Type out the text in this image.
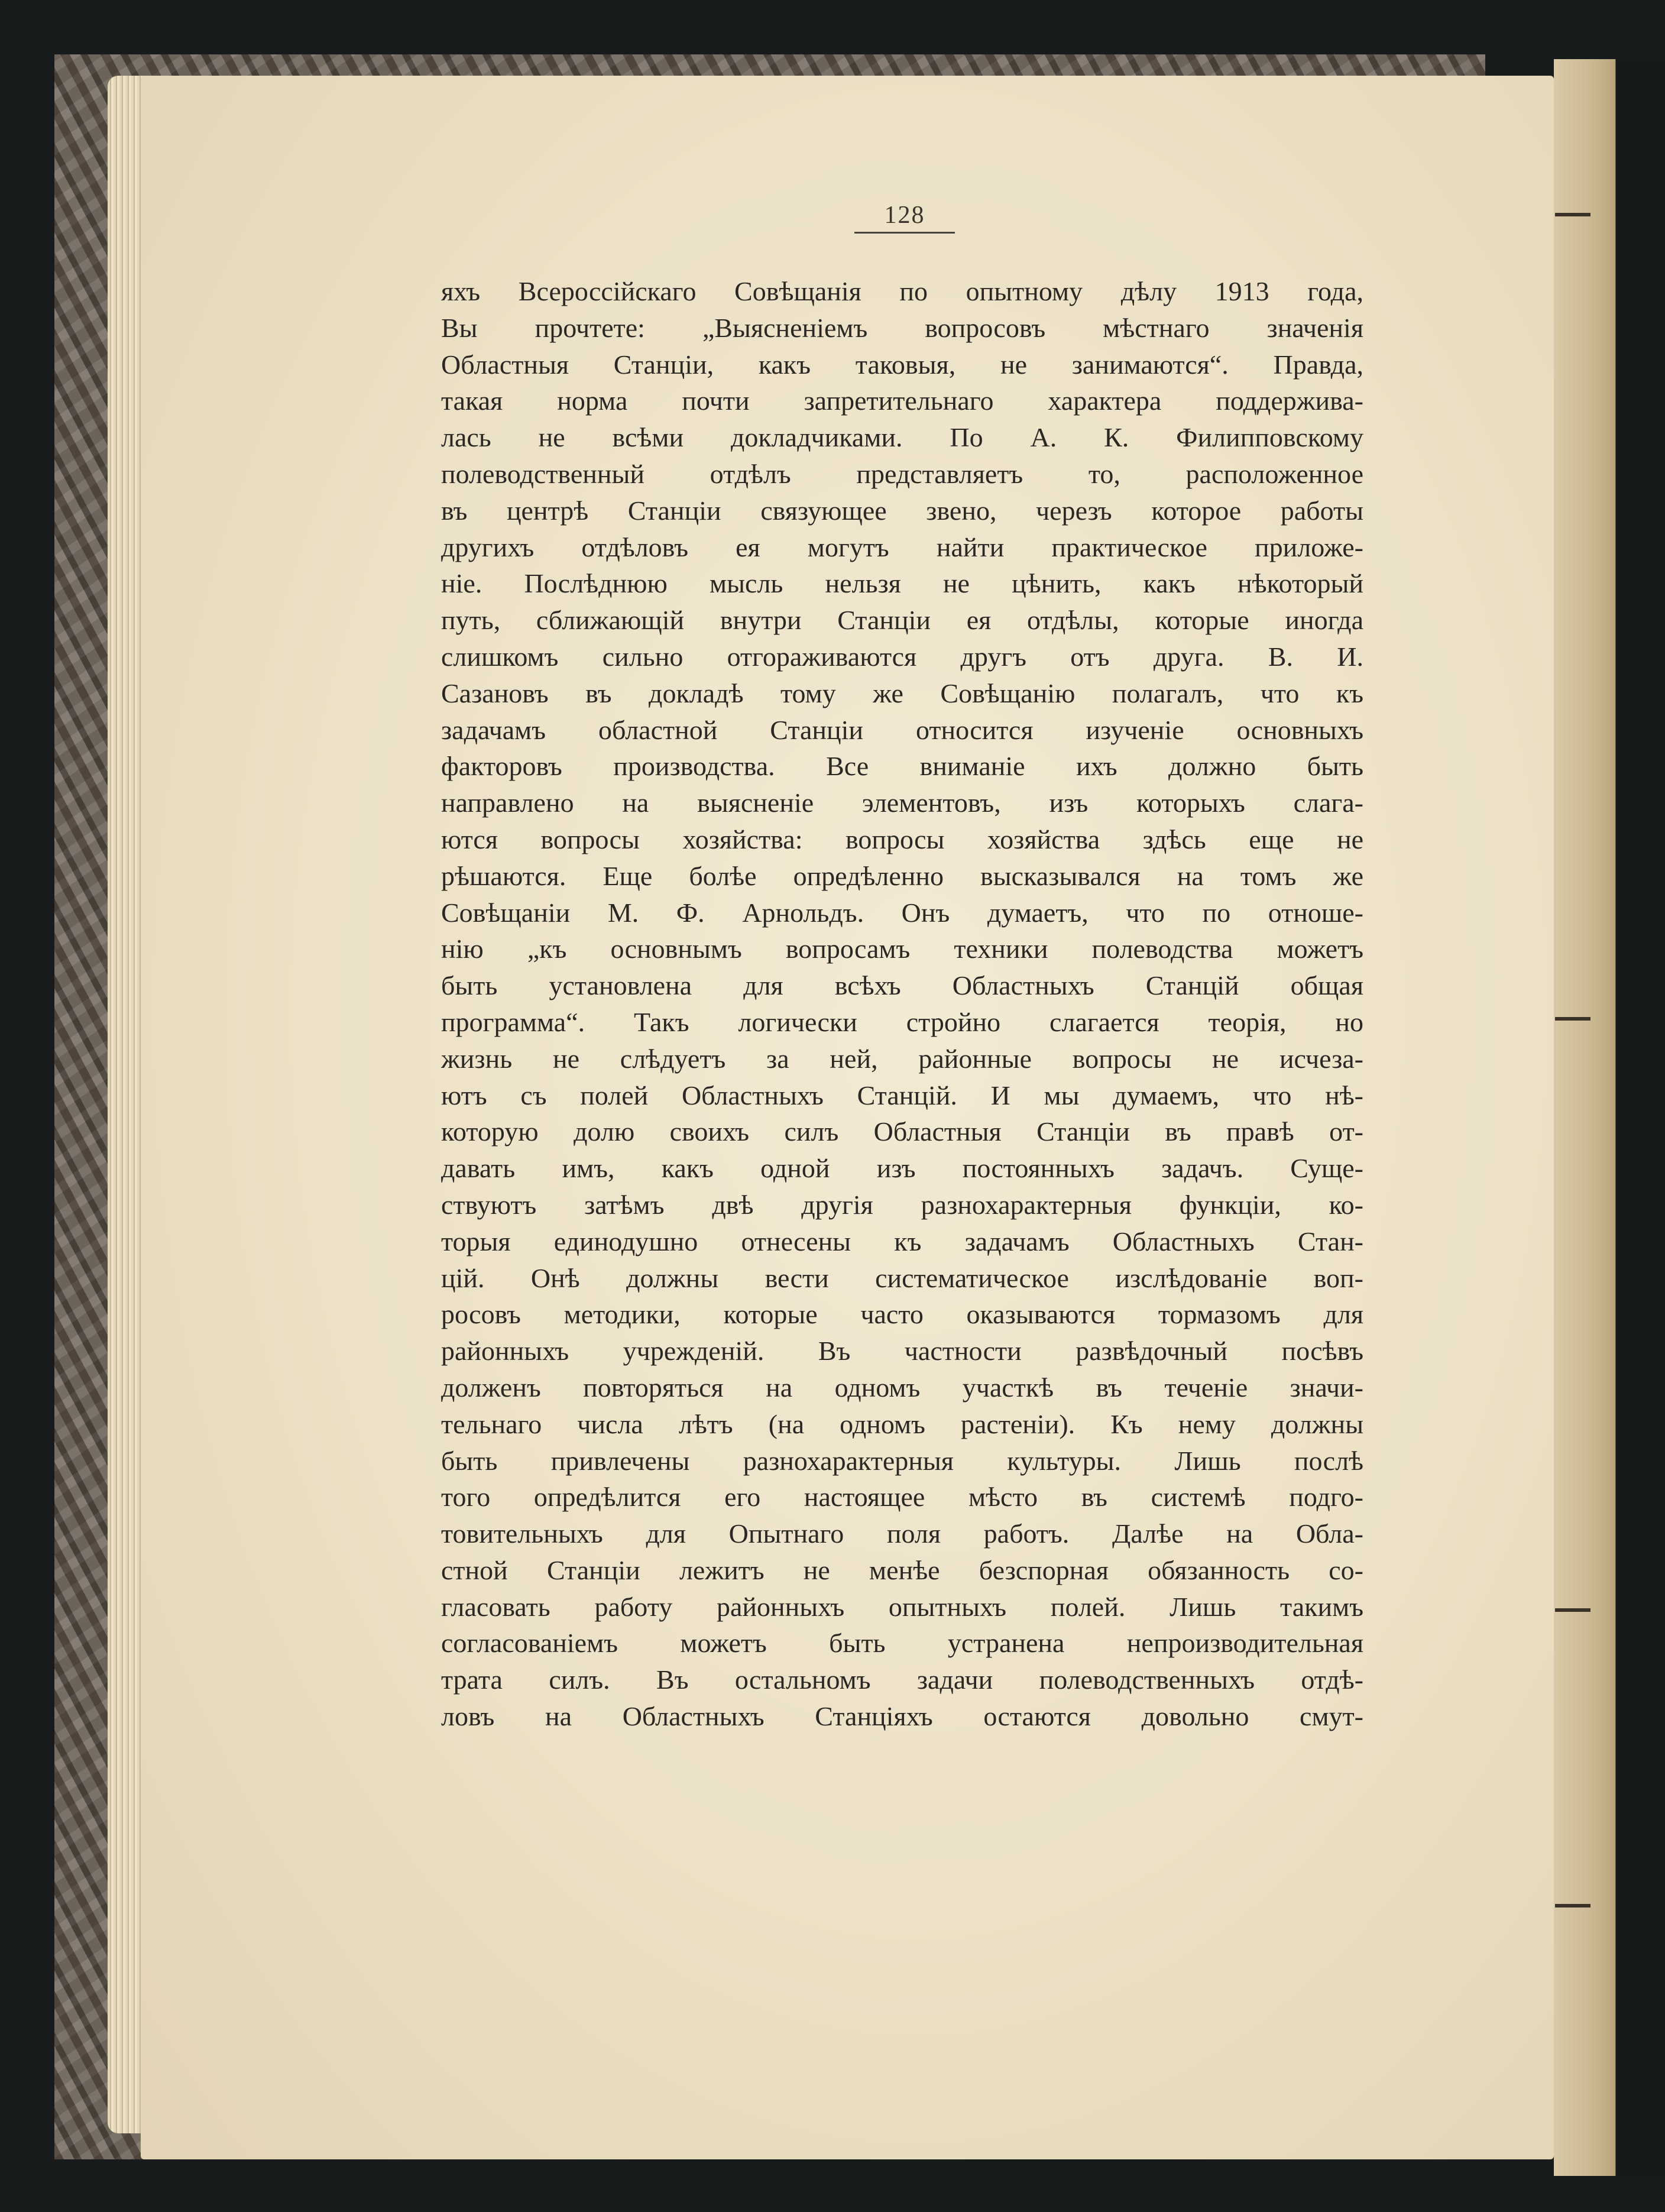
128
яхъ Всероссiйскаго Совѣщанiя по опытному дѣлу 1913 года,
Вы прочтете: „Выясненiемъ вопросовъ мѣстнаго значенiя
Областныя Станцiи, какъ таковыя, не занимаются“. Правда,
такая норма почти запретительнаго характера поддержива-
лась не всѣми докладчиками. По А. К. Филипповскому
полеводственный отдѣлъ представляетъ то, расположенное
въ центрѣ Станцiи связующее звено, черезъ которое работы
другихъ отдѣловъ ея могутъ найти практическое приложе-
нiе. Послѣднюю мысль нельзя не цѣнить, какъ нѣкоторый
путь, сближающiй внутри Станцiи ея отдѣлы, которые иногда
слишкомъ сильно отгораживаются другъ отъ друга. В. И.
Сазановъ въ докладѣ тому же Совѣщанiю полагалъ, что къ
задачамъ областной Станцiи относится изученiе основныхъ
факторовъ производства. Все вниманiе ихъ должно быть
направлено на выясненiе элементовъ, изъ которыхъ слага-
ются вопросы хозяйства: вопросы хозяйства здѣсь еще не
рѣшаются. Еще болѣе опредѣленно высказывался на томъ же
Совѣщанiи М. Ф. Арнольдъ. Онъ думаетъ, что по отноше-
нiю „къ основнымъ вопросамъ техники полеводства можетъ
быть установлена для всѣхъ Областныхъ Станцiй общая
программа“. Такъ логически стройно слагается теорiя, но
жизнь не слѣдуетъ за ней, районные вопросы не исчеза-
ютъ съ полей Областныхъ Станцiй. И мы думаемъ, что нѣ-
которую долю своихъ силъ Областныя Станцiи въ правѣ от-
давать имъ, какъ одной изъ постоянныхъ задачъ. Суще-
ствуютъ затѣмъ двѣ другiя разнохарактерныя функцiи, ко-
торыя единодушно отнесены къ задачамъ Областныхъ Стан-
цiй. Онѣ должны вести систематическое изслѣдованiе воп-
росовъ методики, которые часто оказываются тормазомъ для
районныхъ учрежденiй. Въ частности развѣдочный посѣвъ
долженъ повторяться на одномъ участкѣ въ теченiе значи-
тельнаго числа лѣтъ (на одномъ растенiи). Къ нему должны
быть привлечены разнохарактерныя культуры. Лишь послѣ
того опредѣлится его настоящее мѣсто въ системѣ подго-
товительныхъ для Опытнаго поля работъ. Далѣе на Обла-
стной Станцiи лежитъ не менѣе безспорная обязанность со-
гласовать работу районныхъ опытныхъ полей. Лишь такимъ
согласованiемъ можетъ быть устранена непроизводительная
трата силъ. Въ остальномъ задачи полеводственныхъ отдѣ-
ловъ на Областныхъ Станцiяхъ остаются довольно смут-
